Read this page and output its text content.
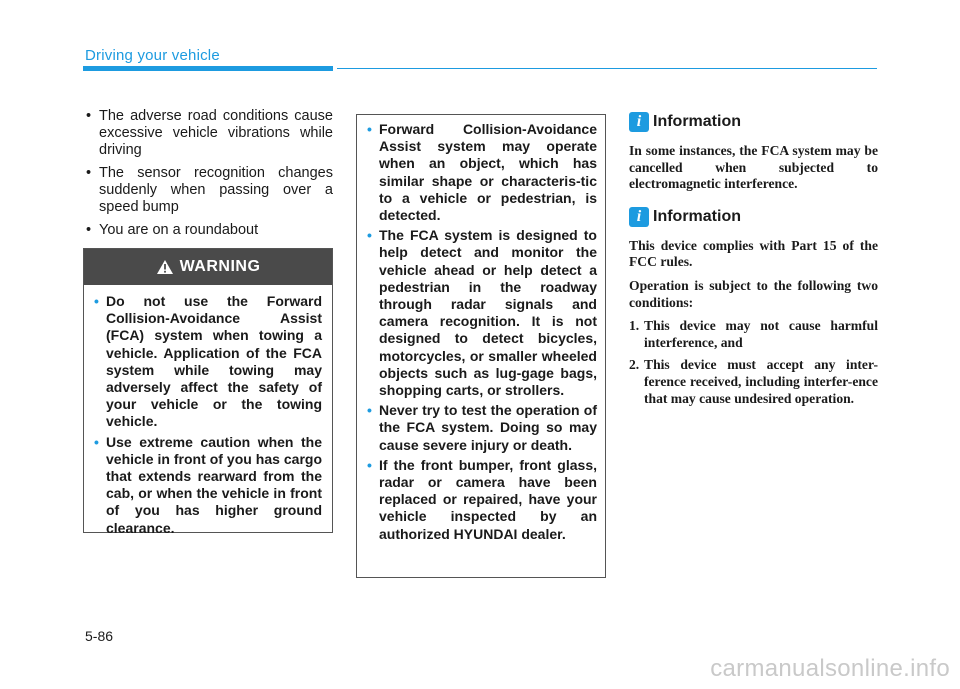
Driving your vehicle
• The adverse road conditions cause excessive vehicle vibrations while driving
• The sensor recognition changes suddenly when passing over a speed bump
• You are on a roundabout
WARNING
• Do not use the Forward Collision-Avoidance Assist (FCA) system when towing a vehicle. Application of the FCA system while towing may adversely affect the safety of your vehicle or the towing vehicle.
• Use extreme caution when the vehicle in front of you has cargo that extends rearward from the cab, or when the vehicle in front of you has higher ground clearance.
• Forward Collision-Avoidance Assist system may operate when an object, which has similar shape or characteris-tic to a vehicle or pedestrian, is detected.
• The FCA system is designed to help detect and monitor the vehicle ahead or help detect a pedestrian in the roadway through radar signals and camera recognition. It is not designed to detect bicycles, motorcycles, or smaller wheeled objects such as lug-gage bags, shopping carts, or strollers.
• Never try to test the operation of the FCA system. Doing so may cause severe injury or death.
• If the front bumper, front glass, radar or camera have been replaced or repaired, have your vehicle inspected by an authorized HYUNDAI dealer.
i Information

In some instances, the FCA system may be cancelled when subjected to electromagnetic interference.

i Information

This device complies with Part 15 of the FCC rules.

Operation is subject to the following two conditions:

1. This device may not cause harmful interference, and
2. This device must accept any inter-ference received, including interfer-ence that may cause undesired operation.
5-86
carmanualsonline.info
